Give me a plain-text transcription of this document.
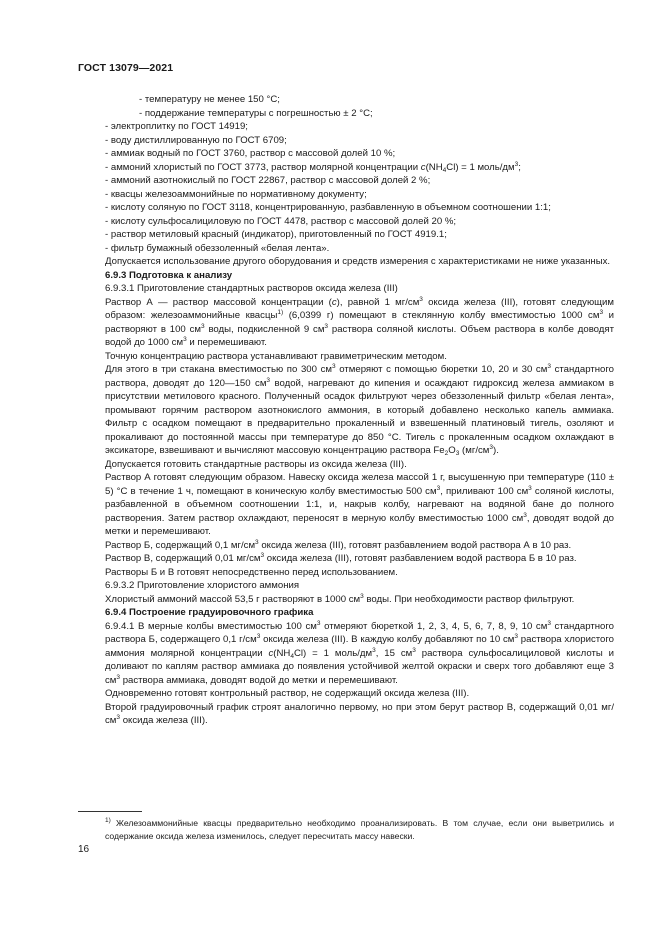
ГОСТ 13079—2021

- температуру не менее 150 °С;

- поддержание температуры с погрешностью ± 2 °С;

- электроплитку по ГОСТ 14919;

- воду дистиллированную по ГОСТ 6709;

- аммиак водный по ГОСТ 3760, раствор с массовой долей 10 %;

- аммоний хлористый по ГОСТ 3773, раствор молярной концентрации $с(NH_4Cl) = 1$ моль/$дм^3$;

- аммоний азотнокислый по ГОСТ 22867, раствор с массовой долей 2 %;

- квасцы железоаммонийные по нормативному документу;

- кислоту соляную по ГОСТ 3118, концентрированную, разбавленную в объемном соотношении 1:1;

- кислоту сульфосалициловую по ГОСТ 4478, раствор с массовой долей 20 %;

- раствор метиловый красный (индикатор), приготовленный по ГОСТ 4919.1;

- фильтр бумажный обеззоленный «белая лента».

Допускается использование другого оборудования и средств измерения с характеристиками не ниже указанных.

6.9.3 Подготовка к анализу

6.9.3.1 Приготовление стандартных растворов оксида железа (III)

Раствор А — раствор массовой концентрации (с), равной 1 $мг/см^3$ оксида железа (III), готовят следующим образом: железоаммонийные квасцы$^{1)}$ (6,0399 г) помещают в стеклянную колбу вместимостью 1000 $см^3$ и растворяют в 100 $см^3$ воды, подкисленной 9 $см^3$ раствора соляной кислоты. Объем раствора в колбе доводят водой до 1000 $см^3$ и перемешивают.

Точную концентрацию раствора устанавливают гравиметрическим методом.

Для этого в три стакана вместимостью по 300 $см^3$ отмеряют с помощью бюретки 10, 20 и 30 $см^3$ стандартного раствора, доводят до 120—150 $см^3$ водой, нагревают до кипения и осаждают гидроксид железа аммиаком в присутствии метилового красного. Полученный осадок фильтруют через обеззоленный фильтр «белая лента», промывают горячим раствором азотнокислого аммония, в который добавлено несколько капель аммиака. Фильтр с осадком помещают в предварительно прокаленный и взвешенный платиновый тигель, озоляют и прокаливают до постоянной массы при температуре до 850 °С. Тигель с прокаленным осадком охлаждают в эксикаторе, взвешивают и вычисляют массовую концентрацию раствора $Fe_2O_3$ $(мг/см^3)$.

Допускается готовить стандартные растворы из оксида железа (III).

Раствор А готовят следующим образом. Навеску оксида железа массой 1 г, высушенную при температуре (110 ± 5) °С в течение 1 ч, помещают в коническую колбу вместимостью 500 $см^3$, приливают 100 $см^3$ соляной кислоты, разбавленной в объемном соотношении 1:1, и, накрыв колбу, нагревают на водяной бане до полного растворения. Затем раствор охлаждают, переносят в мерную колбу вместимостью 1000 $см^3$, доводят водой до метки и перемешивают.

Раствор Б, содержащий 0,1 $мг/см^3$ оксида железа (III), готовят разбавлением водой раствора А в 10 раз.

Раствор В, содержащий 0,01 $мг/см^3$ оксида железа (III), готовят разбавлением водой раствора Б в 10 раз.

Растворы Б и В готовят непосредственно перед использованием.

6.9.3.2 Приготовление хлористого аммония

Хлористый аммоний массой 53,5 г растворяют в 1000 $см^3$ воды. При необходимости раствор фильтруют.

6.9.4 Построение градуировочного графика

6.9.4.1 В мерные колбы вместимостью 100 $см^3$ отмеряют бюреткой 1, 2, 3, 4, 5, 6, 7, 8, 9, 10 $см^3$ стандартного раствора Б, содержащего 0,1 $г/см^3$ оксида железа (III). В каждую колбу добавляют по 10 $см^3$ раствора хлористого аммония молярной концентрации $с(NH_4Cl) = 1$ моль/$дм^3$, 15 $см^3$ раствора сульфосалициловой кислоты и доливают по каплям раствор аммиака до появления устойчивой желтой окраски и сверх того добавляют еще 3 $см^3$ раствора аммиака, доводят водой до метки и перемешивают.

Одновременно готовят контрольный раствор, не содержащий оксида железа (III).

Второй градуировочный график строят аналогично первому, но при этом берут раствор В, содержащий 0,01 $мг/см^3$ оксида железа (III).

$^{1)}$ Железоаммонийные квасцы предварительно необходимо проанализировать. В том случае, если они выветрились и содержание оксида железа изменилось, следует пересчитать массу навески.
16
